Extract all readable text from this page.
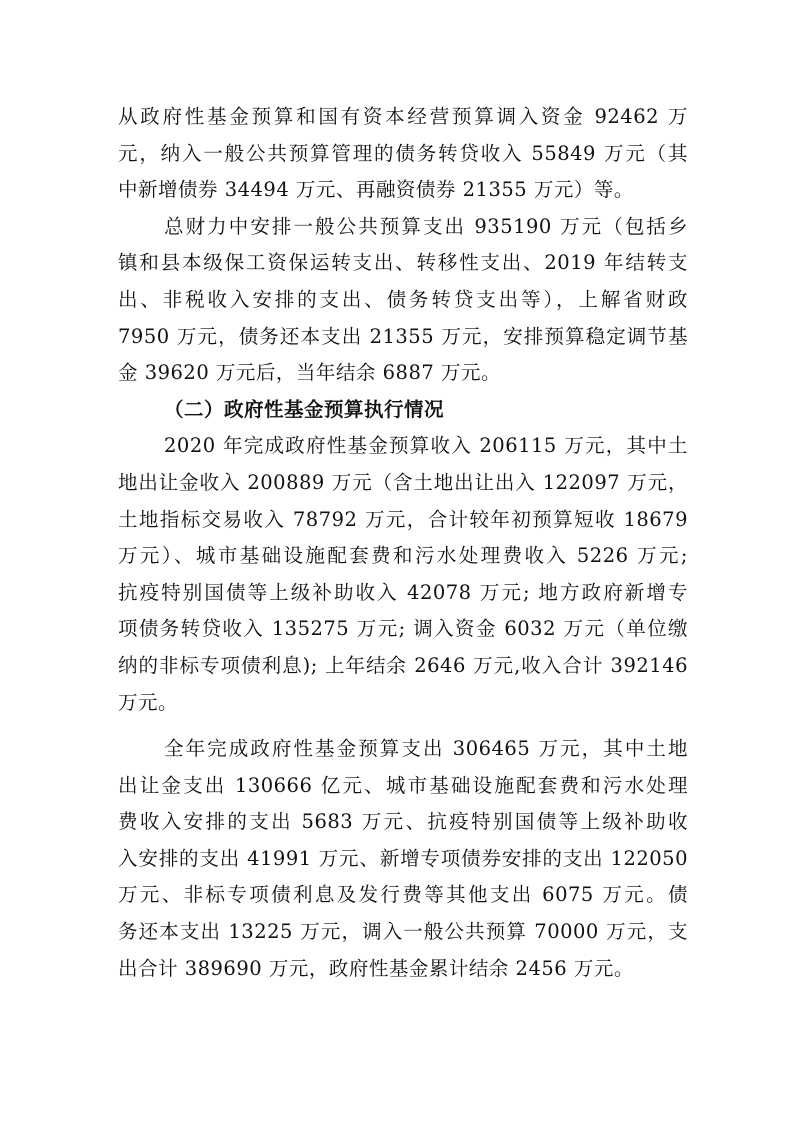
从政府性基金预算和国有资本经营预算调入资金 92462 万
元，纳入一般公共预算管理的债务转贷收入 55849 万元（其
中新增债券 34494 万元、再融资债券 21355 万元）等。
总财力中安排一般公共预算支出 935190 万元（包括乡
镇和县本级保工资保运转支出、转移性支出、2019 年结转支
出、非税收入安排的支出、债务转贷支出等），上解省财政
7950 万元，债务还本支出 21355 万元，安排预算稳定调节基
金 39620 万元后，当年结余 6887 万元。
（二）政府性基金预算执行情况
2020 年完成政府性基金预算收入 206115 万元，其中土
地出让金收入 200889 万元（含土地出让出入 122097 万元，
土地指标交易收入 78792 万元，合计较年初预算短收 18679
万元）、城市基础设施配套费和污水处理费收入 5226 万元;
抗疫特别国债等上级补助收入 42078 万元; 地方政府新增专
项债务转贷收入 135275 万元; 调入资金 6032 万元（单位缴
纳的非标专项债利息); 上年结余 2646 万元,收入合计 392146
万元。
全年完成政府性基金预算支出 306465 万元，其中土地
出让金支出 130666 亿元、城市基础设施配套费和污水处理
费收入安排的支出 5683 万元、抗疫特别国债等上级补助收
入安排的支出 41991 万元、新增专项债券安排的支出 122050
万元、非标专项债利息及发行费等其他支出 6075 万元。债
务还本支出 13225 万元，调入一般公共预算 70000 万元，支
出合计 389690 万元，政府性基金累计结余 2456 万元。
